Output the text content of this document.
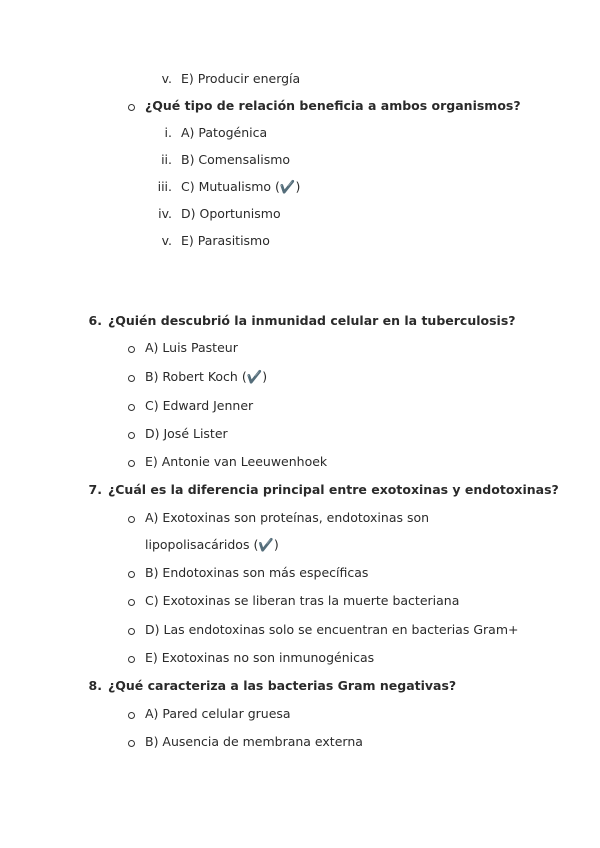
v. E) Producir energía
¿Qué tipo de relación beneficia a ambos organismos?
i. A) Patogénica
ii. B) Comensalismo
iii. C) Mutualismo (✔️)
iv. D) Oportunismo
v. E) Parasitismo
6. ¿Quién descubrió la inmunidad celular en la tuberculosis?
A) Luis Pasteur
B) Robert Koch (✔️)
C) Edward Jenner
D) José Lister
E) Antonie van Leeuwenhoek
7. ¿Cuál es la diferencia principal entre exotoxinas y endotoxinas?
A) Exotoxinas son proteínas, endotoxinas son
lipopolisacáridos (✔️)
B) Endotoxinas son más específicas
C) Exotoxinas se liberan tras la muerte bacteriana
D) Las endotoxinas solo se encuentran en bacterias Gram+
E) Exotoxinas no son inmunogénicas
8. ¿Qué caracteriza a las bacterias Gram negativas?
A) Pared celular gruesa
B) Ausencia de membrana externa
